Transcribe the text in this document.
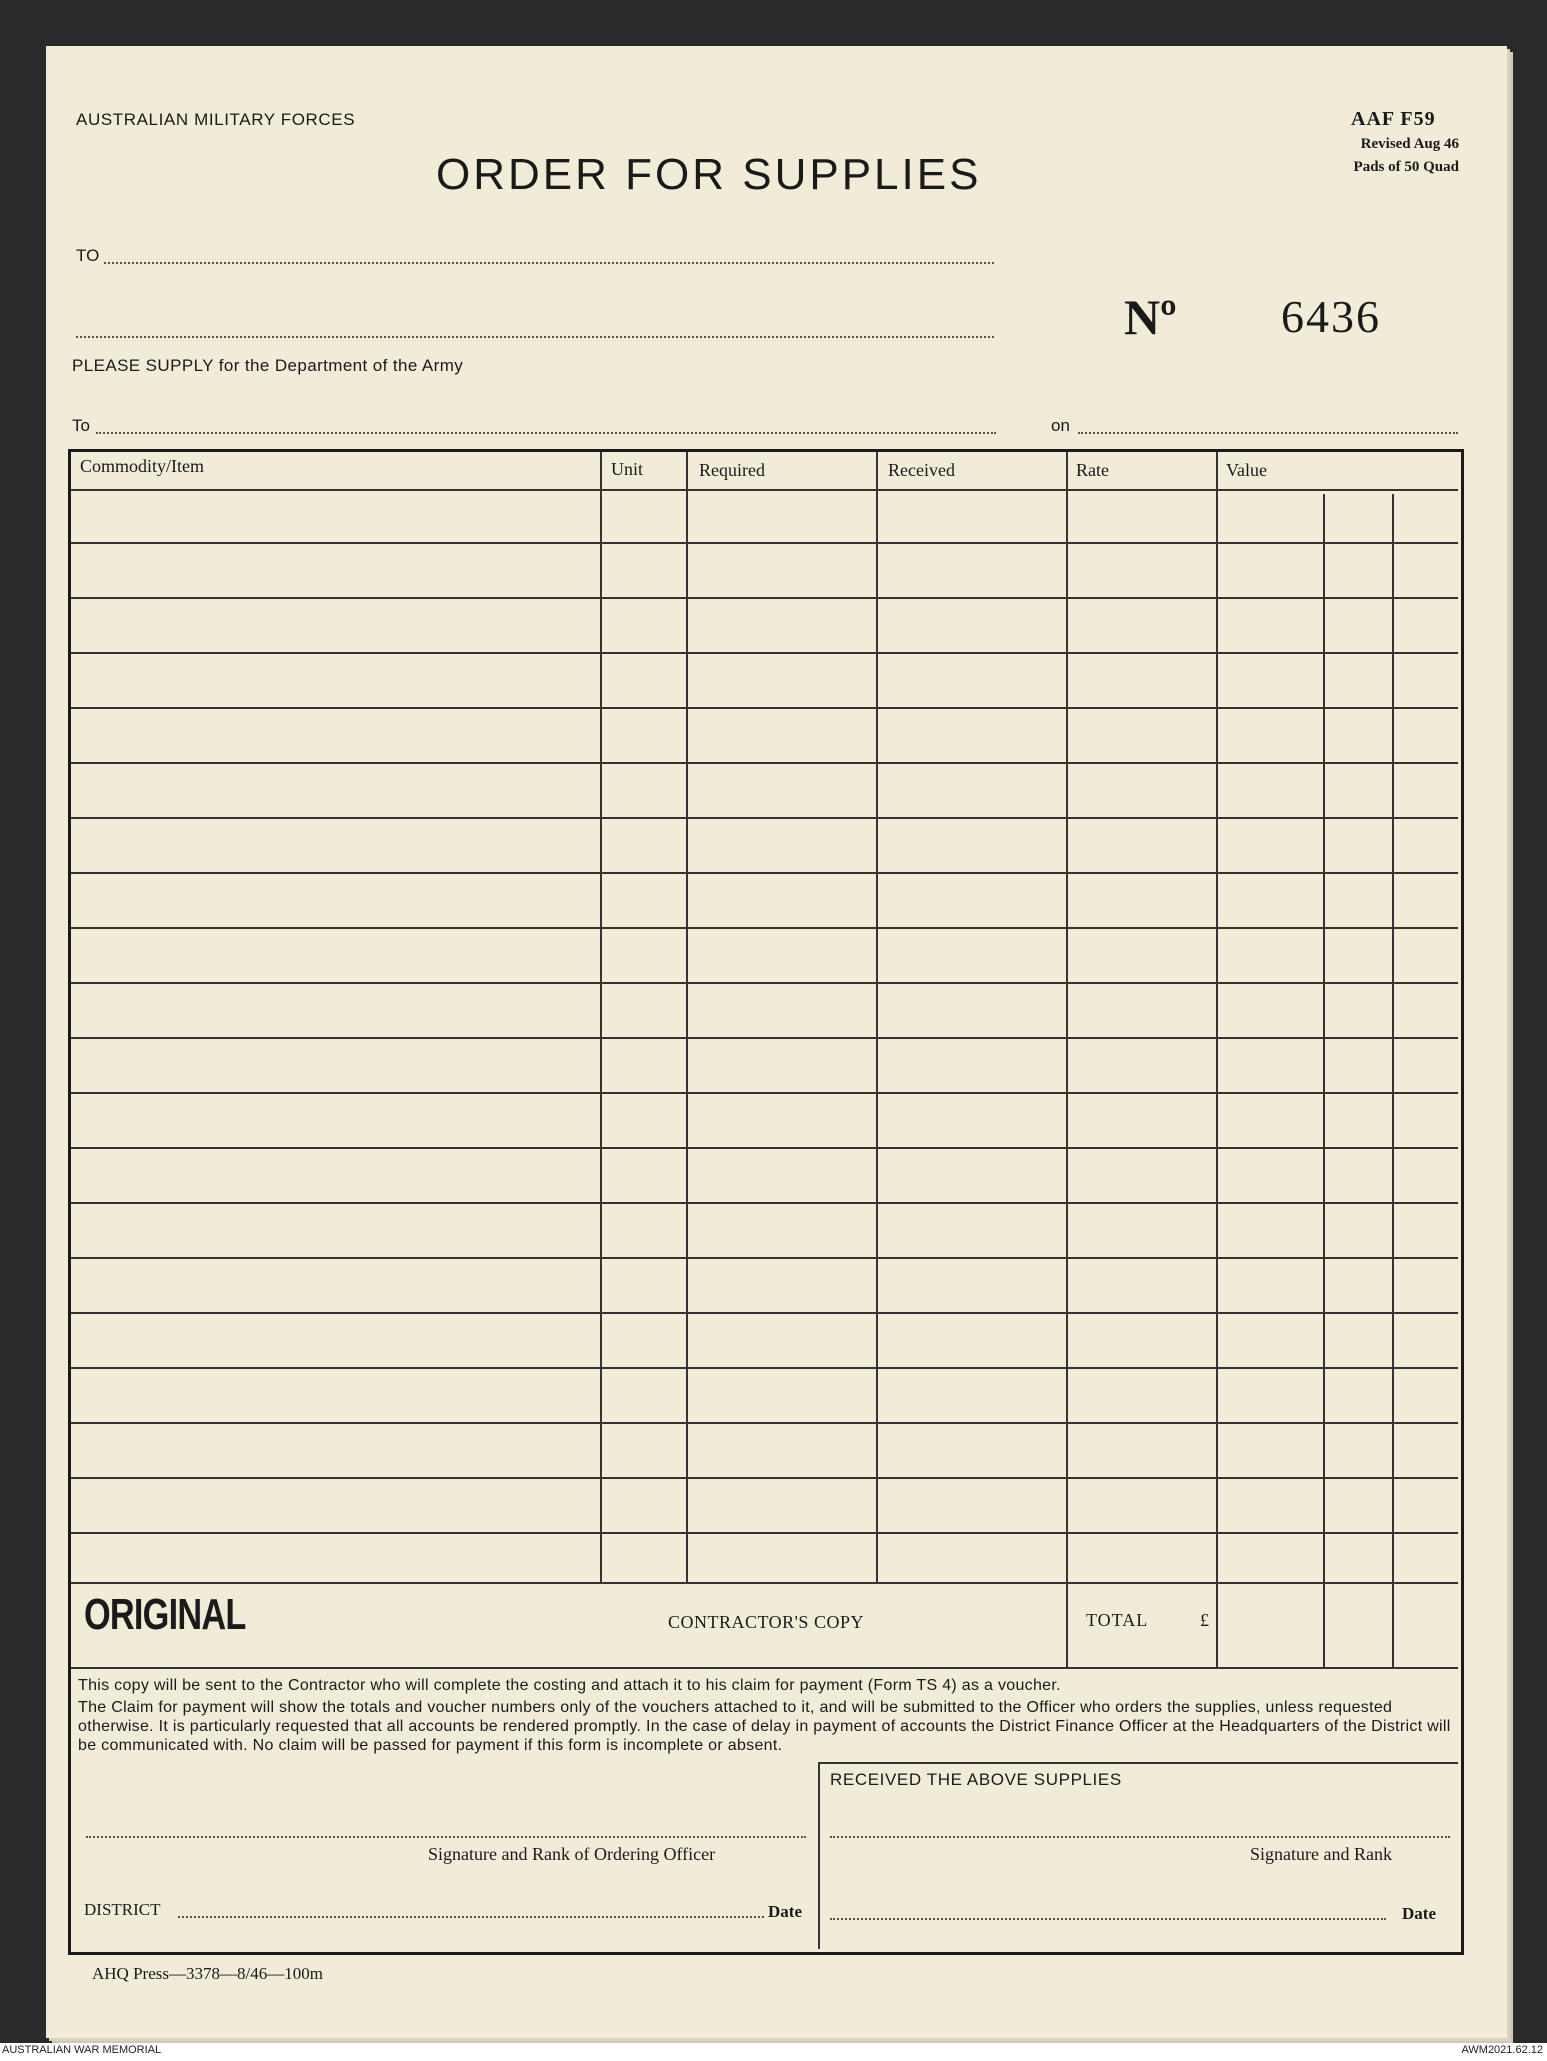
AUSTRALIAN MILITARY FORCES
ORDER FOR SUPPLIES
AAF F59
Revised Aug 46
Pads of 50 Quad
TO
Nº 6436
PLEASE SUPPLY for the Department of the Army
To	on
Commodity/Item	Unit	Required	Received	Rate	Value
ORIGINAL	CONTRACTOR'S COPY	TOTAL	£
This copy will be sent to the Contractor who will complete the costing and attach it to his claim for payment (Form TS 4) as a voucher.
The Claim for payment will show the totals and voucher numbers only of the vouchers attached to it, and will be submitted to the Officer who orders the supplies, unless requested otherwise. It is particularly requested that all accounts be rendered promptly. In the case of delay in payment of accounts the District Finance Officer at the Headquarters of the District will be communicated with. No claim will be passed for payment if this form is incomplete or absent.
RECEIVED THE ABOVE SUPPLIES
Signature and Rank of Ordering Officer	Signature and Rank
DISTRICT	Date	Date
AHQ Press—3378—8/46—100m
AUSTRALIAN WAR MEMORIAL	AWM2021.62.12
